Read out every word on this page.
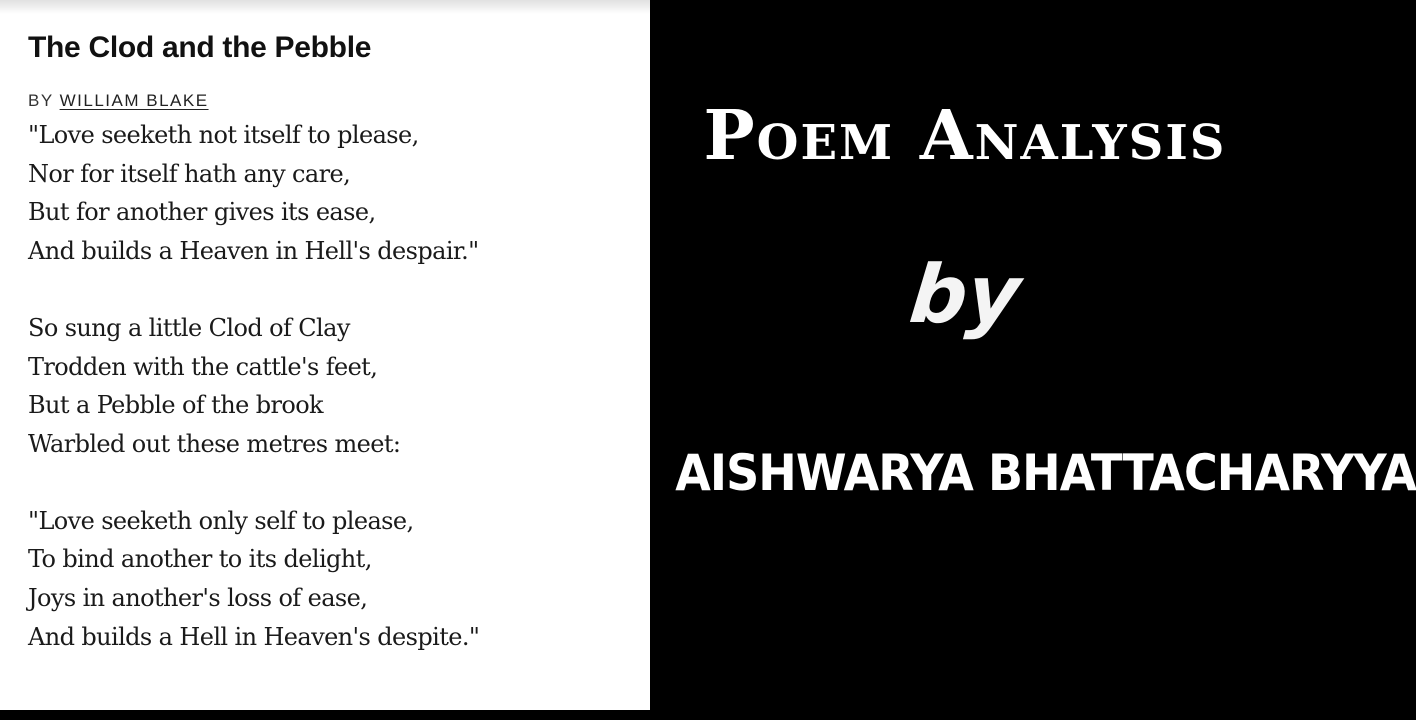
The Clod and the Pebble
BY WILLIAM BLAKE

"Love seeketh not itself to please,
Nor for itself hath any care,
But for another gives its ease,
And builds a Heaven in Hell's despair."

So sung a little Clod of Clay
Trodden with the cattle's feet,
But a Pebble of the brook
Warbled out these metres meet:

"Love seeketh only self to please,
To bind another to its delight,
Joys in another's loss of ease,
And builds a Hell in Heaven's despite."

Poem Analysis
by
AISHWARYA BHATTACHARYYA
